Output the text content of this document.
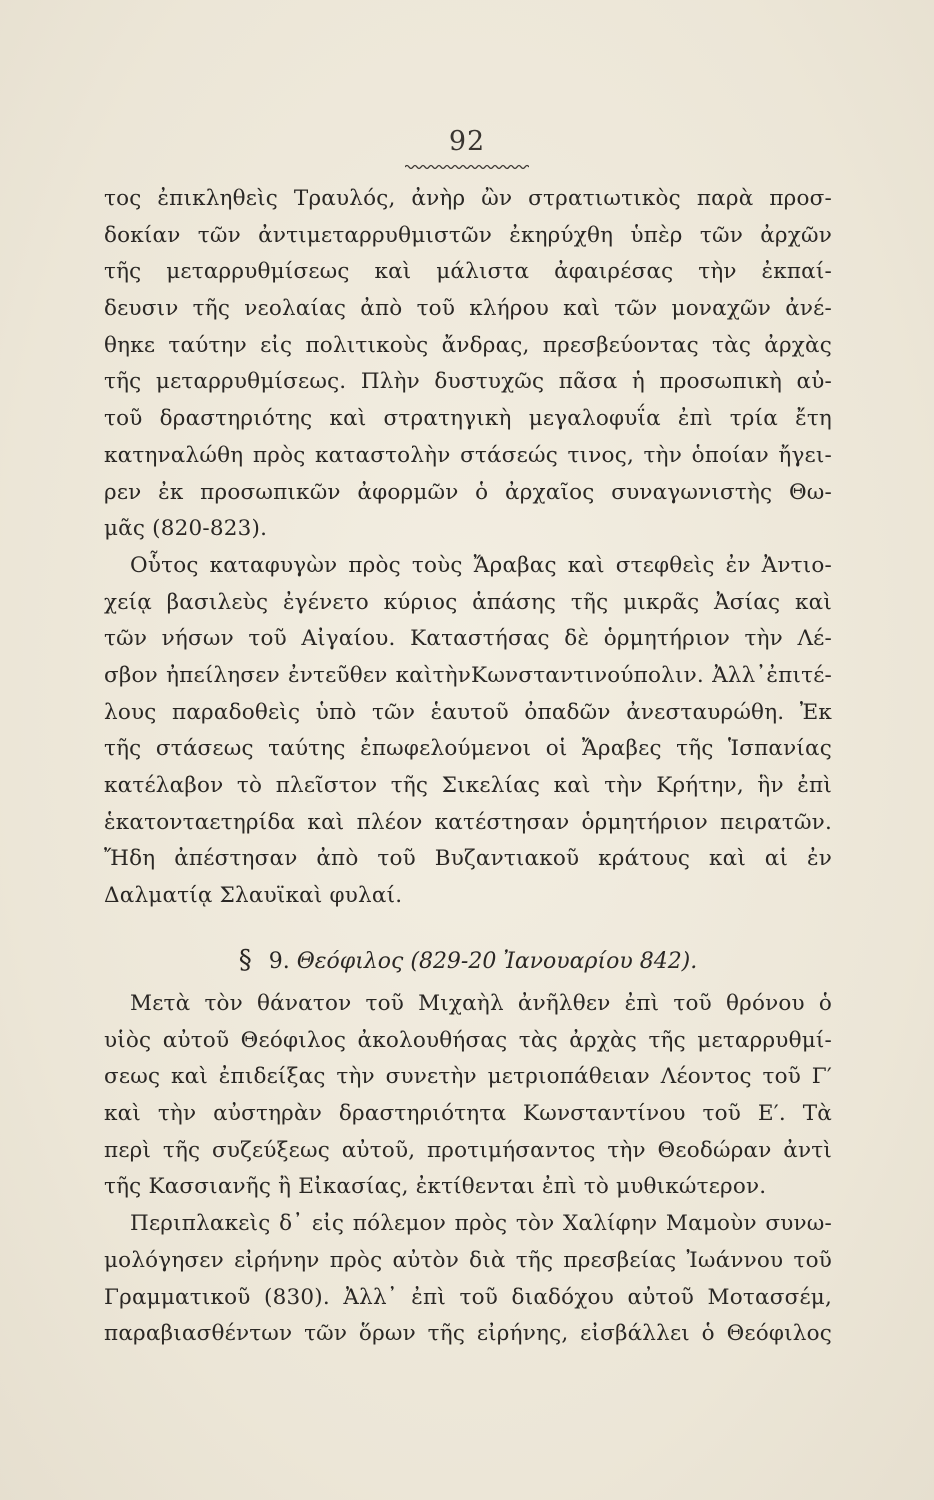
92
τος ἐπικληθεὶς Τραυλός, ἀνὴρ ὢν στρατιωτικὸς παρὰ προσ-
δοκίαν τῶν ἀντιμεταρρυθμιστῶν ἐκηρύχθη ὑπὲρ τῶν ἀρχῶν
τῆς μεταρρυθμίσεως καὶ μάλιστα ἀφαιρέσας τὴν ἐκπαί-
δευσιν τῆς νεολαίας ἀπὸ τοῦ κλήρου καὶ τῶν μοναχῶν ἀνέ-
θηκε ταύτην εἰς πολιτικοὺς ἄνδρας, πρεσβεύοντας τὰς ἀρχὰς
τῆς μεταρρυθμίσεως. Πλὴν δυστυχῶς πᾶσα ἡ προσωπικὴ αὐ-
τοῦ δραστηριότης καὶ στρατηγικὴ μεγαλοφυΐα ἐπὶ τρία ἔτη
κατηναλώθη πρὸς καταστολὴν στάσεώς τινος, τὴν ὁποίαν ἤγει-
ρεν ἐκ προσωπικῶν ἀφορμῶν ὁ ἀρχαῖος συναγωνιστὴς Θω-
μᾶς (820-823).
Οὗτος καταφυγὼν πρὸς τοὺς Ἄραβας καὶ στεφθεὶς ἐν Ἀντιο-
χείᾳ βασιλεὺς ἐγένετο κύριος ἁπάσης τῆς μικρᾶς Ἀσίας καὶ
τῶν νήσων τοῦ Αἰγαίου. Καταστήσας δὲ ὁρμητήριον τὴν Λέ-
σβον ἠπείλησεν ἐντεῦθεν καὶτὴνΚωνσταντινούπολιν. Ἀλλ᾽ἐπιτέ-
λους παραδοθεὶς ὑπὸ τῶν ἑαυτοῦ ὀπαδῶν ἀνεσταυρώθη. Ἐκ
τῆς στάσεως ταύτης ἐπωφελούμενοι οἱ Ἄραβες τῆς Ἱσπανίας
κατέλαβον τὸ πλεῖστον τῆς Σικελίας καὶ τὴν Κρήτην, ἣν ἐπὶ
ἑκατονταετηρίδα καὶ πλέον κατέστησαν ὁρμητήριον πειρατῶν.
Ἤδη ἀπέστησαν ἀπὸ τοῦ Βυζαντιακοῦ κράτους καὶ αἱ ἐν
Δαλματίᾳ Σλαυϊκαὶ φυλαί.
§ 9. Θεόφιλος (829-20 Ἰανουαρίου 842).
Μετὰ τὸν θάνατον τοῦ Μιχαὴλ ἀνῆλθεν ἐπὶ τοῦ θρόνου ὁ
υἱὸς αὐτοῦ Θεόφιλος ἀκολουθήσας τὰς ἀρχὰς τῆς μεταρρυθμί-
σεως καὶ ἐπιδείξας τὴν συνετὴν μετριοπάθειαν Λέοντος τοῦ Γ′
καὶ τὴν αὐστηρὰν δραστηριότητα Κωνσταντίνου τοῦ Ε′. Τὰ
περὶ τῆς συζεύξεως αὐτοῦ, προτιμήσαντος τὴν Θεοδώραν ἀντὶ
τῆς Κασσιανῆς ἢ Εἰκασίας, ἐκτίθενται ἐπὶ τὸ μυθικώτερον.
Περιπλακεὶς δ᾽ εἰς πόλεμον πρὸς τὸν Χαλίφην Μαμοὺν συνω-
μολόγησεν εἰρήνην πρὸς αὐτὸν διὰ τῆς πρεσβείας Ἰωάννου τοῦ
Γραμματικοῦ (830). Ἀλλ᾽ ἐπὶ τοῦ διαδόχου αὐτοῦ Μοτασσέμ,
παραβιασθέντων τῶν ὅρων τῆς εἰρήνης, εἰσβάλλει ὁ Θεόφιλος
